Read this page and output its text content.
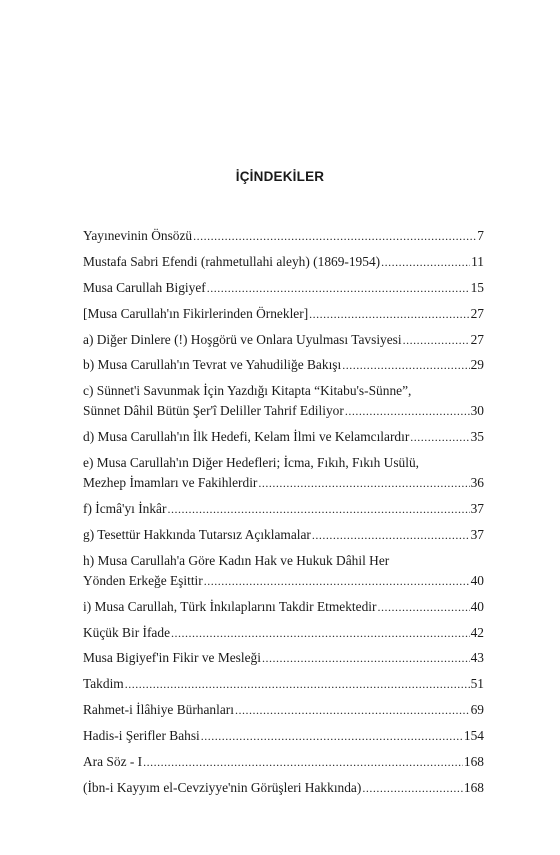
İÇİNDEKİLER
Yayınevinin Önsözü .....	7
Mustafa Sabri Efendi (rahmetullahi aleyh) (1869-1954) .....	11
Musa Carullah Bigiyef .....	15
[Musa Carullah'ın Fikirlerinden Örnekler] .....	27
a) Diğer Dinlere (!) Hoşgörü ve Onlara Uyulması Tavsiyesi .....	27
b) Musa Carullah'ın Tevrat ve Yahudiliğe Bakışı .....	29
c) Sünnet'i Savunmak İçin Yazdığı Kitapta “Kitabu's-Sünne”,
Sünnet Dâhil Bütün Şer'î Deliller Tahrif Ediliyor .....	30
d) Musa Carullah'ın İlk Hedefi, Kelam İlmi ve Kelamcılardır .....	35
e) Musa Carullah'ın Diğer Hedefleri; İcma, Fıkıh, Fıkıh Usülü,
Mezhep İmamları ve Fakihlerdir .....	36
f) İcmâ'yı İnkâr .....	37
g) Tesettür Hakkında Tutarsız Açıklamalar .....	37
h) Musa Carullah'a Göre Kadın Hak ve Hukuk Dâhil Her
Yönden Erkeğe Eşittir .....	40
i) Musa Carullah, Türk İnkılaplarını Takdir Etmektedir .....	40
Küçük Bir İfade .....	42
Musa Bigiyef'in Fikir ve Mesleği .....	43
Takdim .....	51
Rahmet-i İlâhiye Bürhanları .....	69
Hadis-i Şerifler Bahsi .....	154
Ara Söz - I .....	168
(İbn-i Kayyım el-Cevziyye'nin Görüşleri Hakkında) .....	168
